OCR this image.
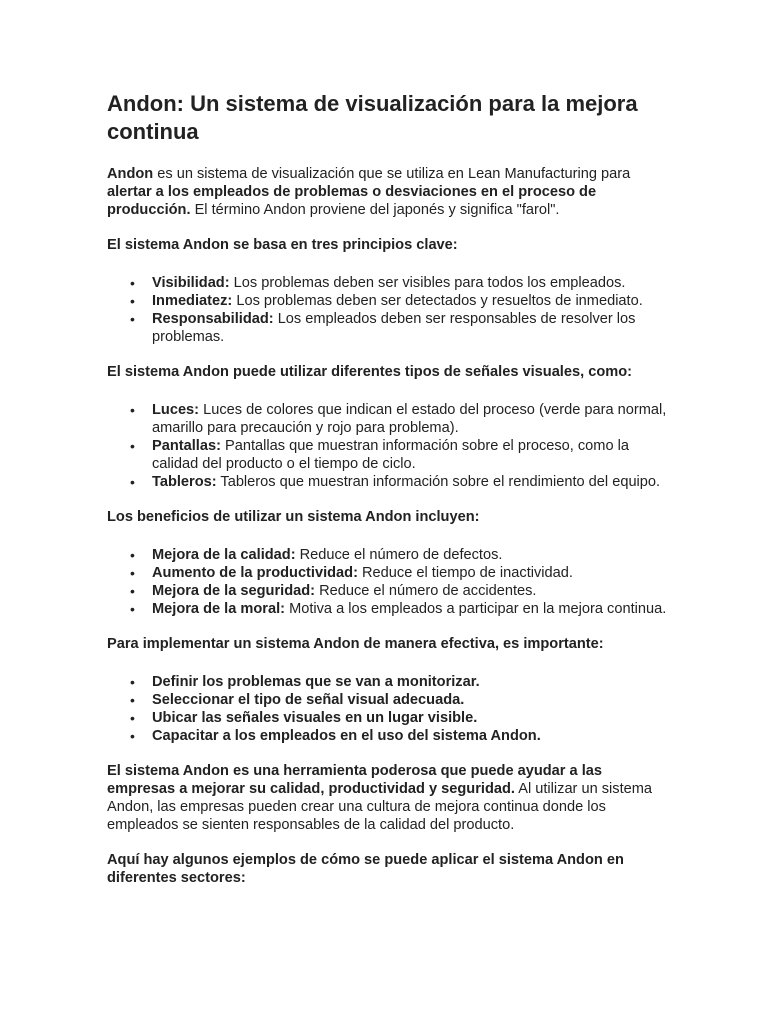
Andon: Un sistema de visualización para la mejora continua

Andon es un sistema de visualización que se utiliza en Lean Manufacturing para alertar a los empleados de problemas o desviaciones en el proceso de producción. El término Andon proviene del japonés y significa "farol".

El sistema Andon se basa en tres principios clave:

• Visibilidad: Los problemas deben ser visibles para todos los empleados.
• Inmediatez: Los problemas deben ser detectados y resueltos de inmediato.
• Responsabilidad: Los empleados deben ser responsables de resolver los problemas.

El sistema Andon puede utilizar diferentes tipos de señales visuales, como:

• Luces: Luces de colores que indican el estado del proceso (verde para normal, amarillo para precaución y rojo para problema).
• Pantallas: Pantallas que muestran información sobre el proceso, como la calidad del producto o el tiempo de ciclo.
• Tableros: Tableros que muestran información sobre el rendimiento del equipo.

Los beneficios de utilizar un sistema Andon incluyen:

• Mejora de la calidad: Reduce el número de defectos.
• Aumento de la productividad: Reduce el tiempo de inactividad.
• Mejora de la seguridad: Reduce el número de accidentes.
• Mejora de la moral: Motiva a los empleados a participar en la mejora continua.

Para implementar un sistema Andon de manera efectiva, es importante:

• Definir los problemas que se van a monitorizar.
• Seleccionar el tipo de señal visual adecuada.
• Ubicar las señales visuales en un lugar visible.
• Capacitar a los empleados en el uso del sistema Andon.

El sistema Andon es una herramienta poderosa que puede ayudar a las empresas a mejorar su calidad, productividad y seguridad. Al utilizar un sistema Andon, las empresas pueden crear una cultura de mejora continua donde los empleados se sienten responsables de la calidad del producto.

Aquí hay algunos ejemplos de cómo se puede aplicar el sistema Andon en diferentes sectores:
